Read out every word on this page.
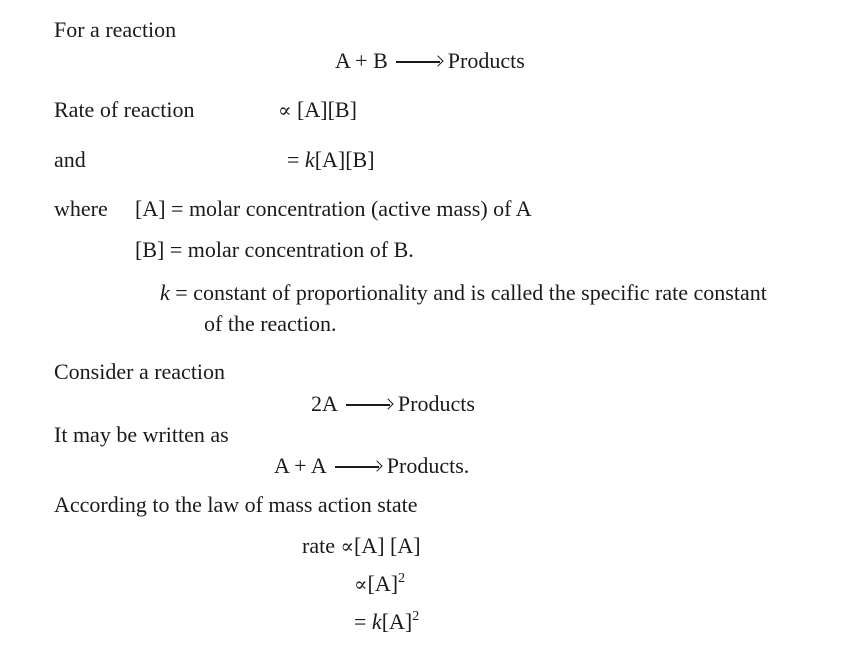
For a reaction

A + B	Products

Rate of reaction	∝ [A][B]

and	= k[A][B]

where [A] = molar concentration (active mass) of A

[B] = molar concentration of B.

k = constant of proportionality and is called the specific rate constant

of the reaction.

Consider a reaction

2A	Products

It may be written as

A + A	Products.

According to the law of mass action state

rate ∝[A] [A]

$\propto[A]^2$

= $k[A]^2$
